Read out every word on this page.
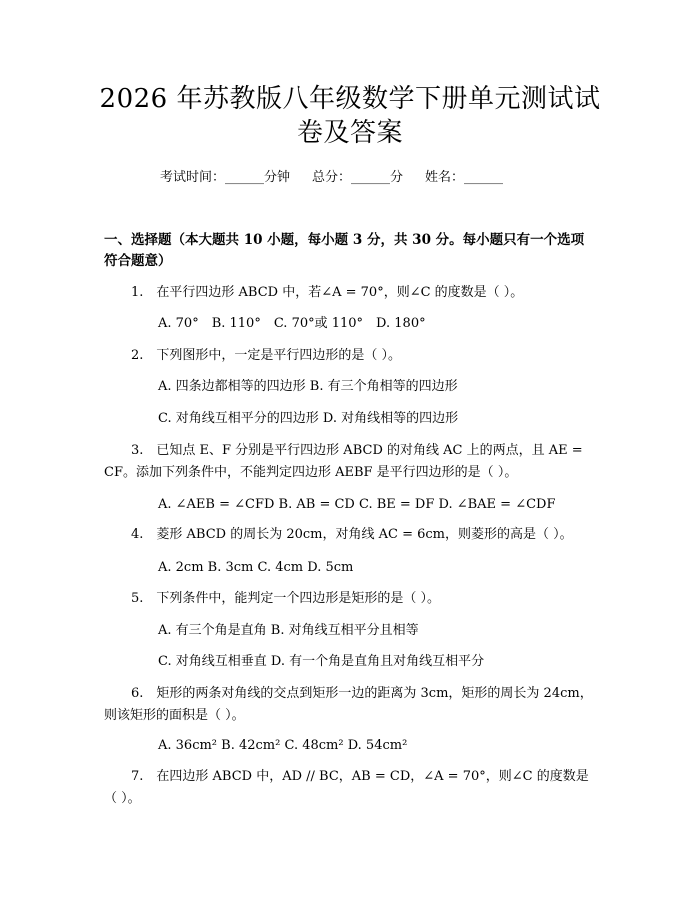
2026 年苏教版八年级数学下册单元测试试卷及答案
考试时间：______分钟 总分：______分 姓名：______
一、选择题（本大题共 10 小题，每小题 3 分，共 30 分。每小题只有一个选项符合题意）
1.　在平行四边形 ABCD 中，若∠A = 70°，则∠C 的度数是（ ）。
A. 70°　B. 110°　C. 70°或 110°　D. 180°
2.　下列图形中，一定是平行四边形的是（ ）。
A. 四条边都相等的四边形 B. 有三个角相等的四边形
C. 对角线互相平分的四边形 D. 对角线相等的四边形
3.　已知点 E、F 分别是平行四边形 ABCD 的对角线 AC 上的两点，且 AE = CF。添加下列条件中，不能判定四边形 AEBF 是平行四边形的是（ ）。
A. ∠AEB = ∠CFD B. AB = CD C. BE = DF D. ∠BAE = ∠CDF
4.　菱形 ABCD 的周长为 20cm，对角线 AC = 6cm，则菱形的高是（ ）。
A. 2cm B. 3cm C. 4cm D. 5cm
5.　下列条件中，能判定一个四边形是矩形的是（ ）。
A. 有三个角是直角 B. 对角线互相平分且相等
C. 对角线互相垂直 D. 有一个角是直角且对角线互相平分
6.　矩形的两条对角线的交点到矩形一边的距离为 3cm，矩形的周长为 24cm，则该矩形的面积是（ ）。
A. 36cm² B. 42cm² C. 48cm² D. 54cm²
7.　在四边形 ABCD 中，AD // BC，AB = CD，∠A = 70°，则∠C 的度数是（ ）。
